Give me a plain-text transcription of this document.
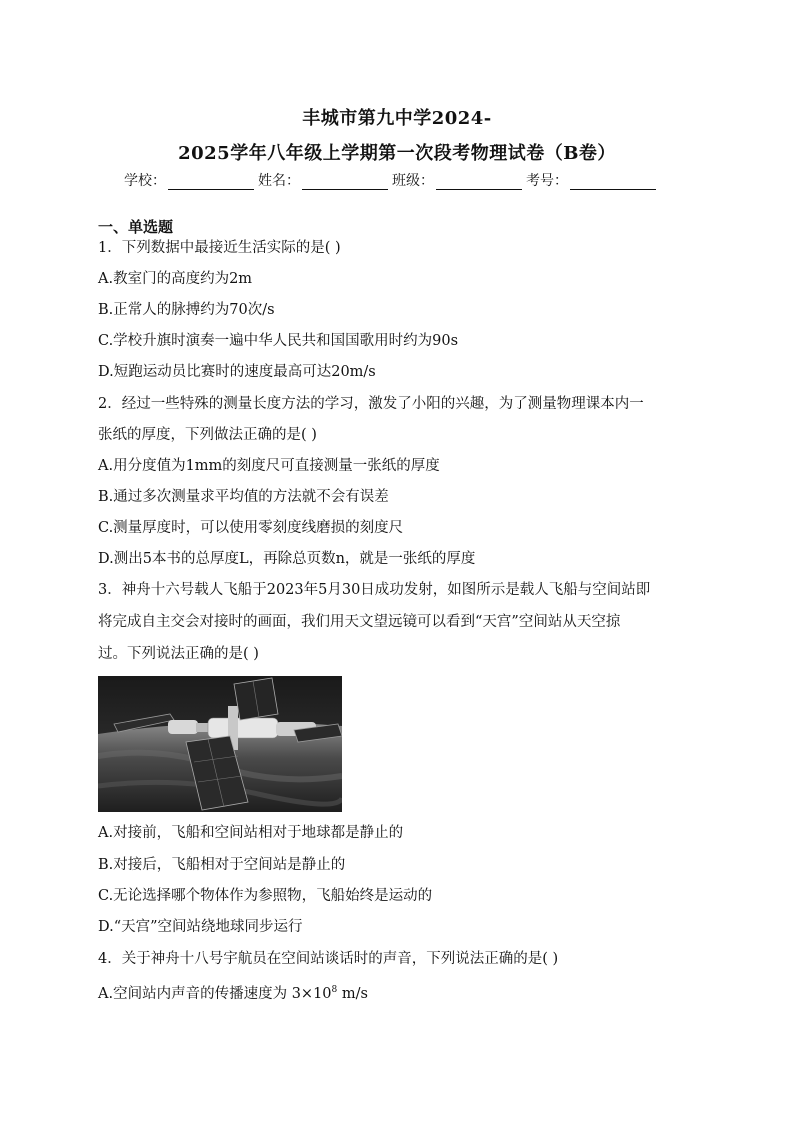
丰城市第九中学2024-
2025学年八年级上学期第一次段考物理试卷（B卷）
学校：	姓名：	班级：	考号：
一、单选题
1．下列数据中最接近生活实际的是( )
A.教室门的高度约为2m
B.正常人的脉搏约为70次/s
C.学校升旗时演奏一遍中华人民共和国国歌用时约为90s
D.短跑运动员比赛时的速度最高可达20m/s
2．经过一些特殊的测量长度方法的学习，激发了小阳的兴趣，为了测量物理课本内一
张纸的厚度，下列做法正确的是( )
A.用分度值为1mm的刻度尺可直接测量一张纸的厚度
B.通过多次测量求平均值的方法就不会有误差
C.测量厚度时，可以使用零刻度线磨损的刻度尺
D.测出5本书的总厚度L，再除总页数n，就是一张纸的厚度
3．神舟十六号载人飞船于2023年5月30日成功发射，如图所示是载人飞船与空间站即
将完成自主交会对接时的画面，我们用天文望远镜可以看到“天宫”空间站从天空掠
过。下列说法正确的是( )
A.对接前，飞船和空间站相对于地球都是静止的
B.对接后，飞船相对于空间站是静止的
C.无论选择哪个物体作为参照物，飞船始终是运动的
D.“天宫”空间站绕地球同步运行
4．关于神舟十八号宇航员在空间站谈话时的声音，下列说法正确的是( )
A.空间站内声音的传播速度为 $3\times 10^8$ m/s
